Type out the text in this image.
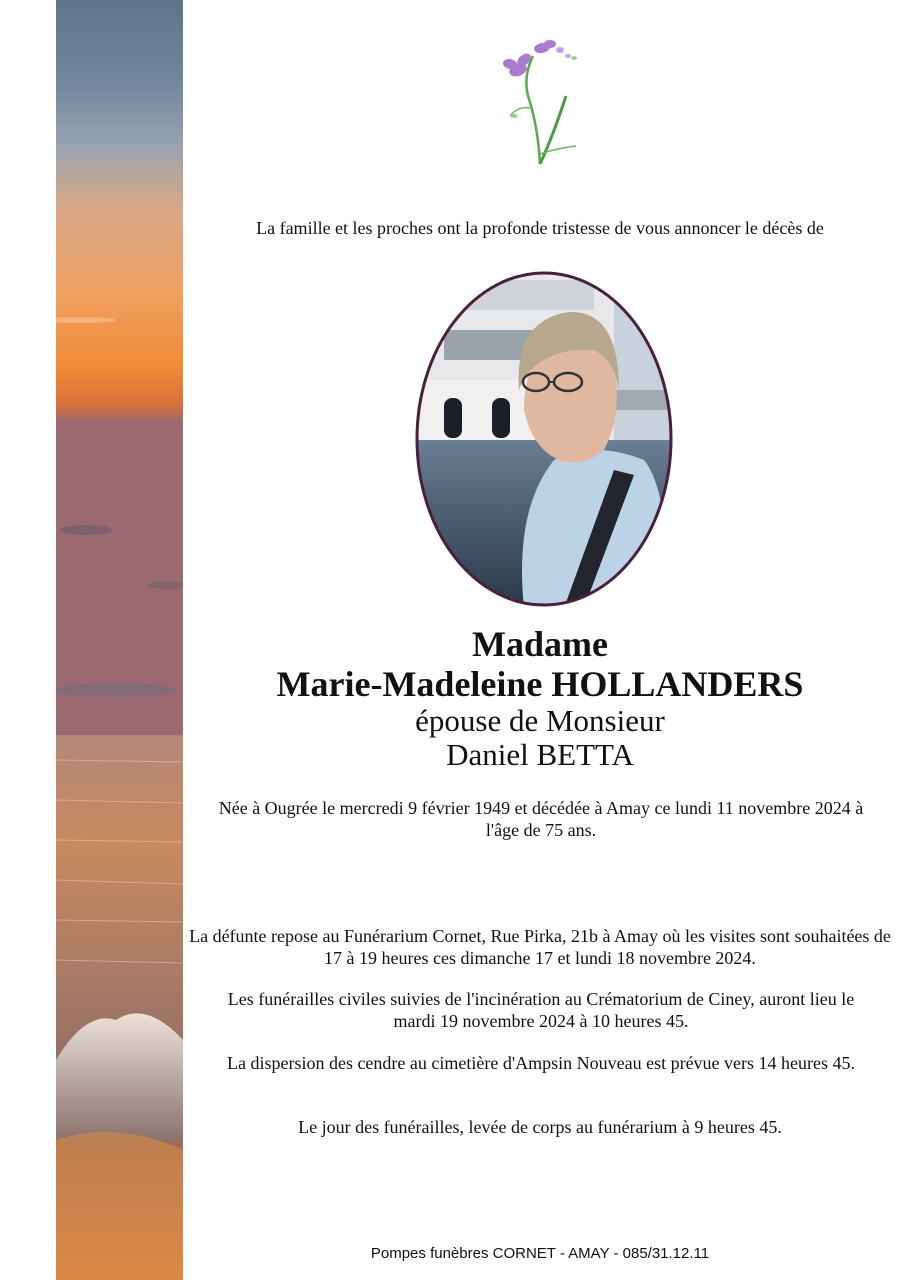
La famille et les proches ont la profonde tristesse de vous annoncer le décès de

Madame

Marie-Madeleine HOLLANDERS

épouse de Monsieur

Daniel BETTA

Née à Ougrée le mercredi 9 février 1949 et décédée à Amay ce lundi 11 novembre 2024 à l'âge de 75 ans.

La défunte repose au Funérarium Cornet, Rue Pirka, 21b à Amay où les visites sont souhaitées de 17 à 19 heures ces dimanche 17 et lundi 18 novembre 2024.

Les funérailles civiles suivies de l'incinération au Crématorium de Ciney, auront lieu le mardi 19 novembre 2024 à 10 heures 45.

La dispersion des cendre au cimetière d'Ampsin Nouveau est prévue vers 14 heures 45.

Le jour des funérailles, levée de corps au funérarium à 9 heures 45.

Pompes funèbres CORNET - AMAY - 085/31.12.11
